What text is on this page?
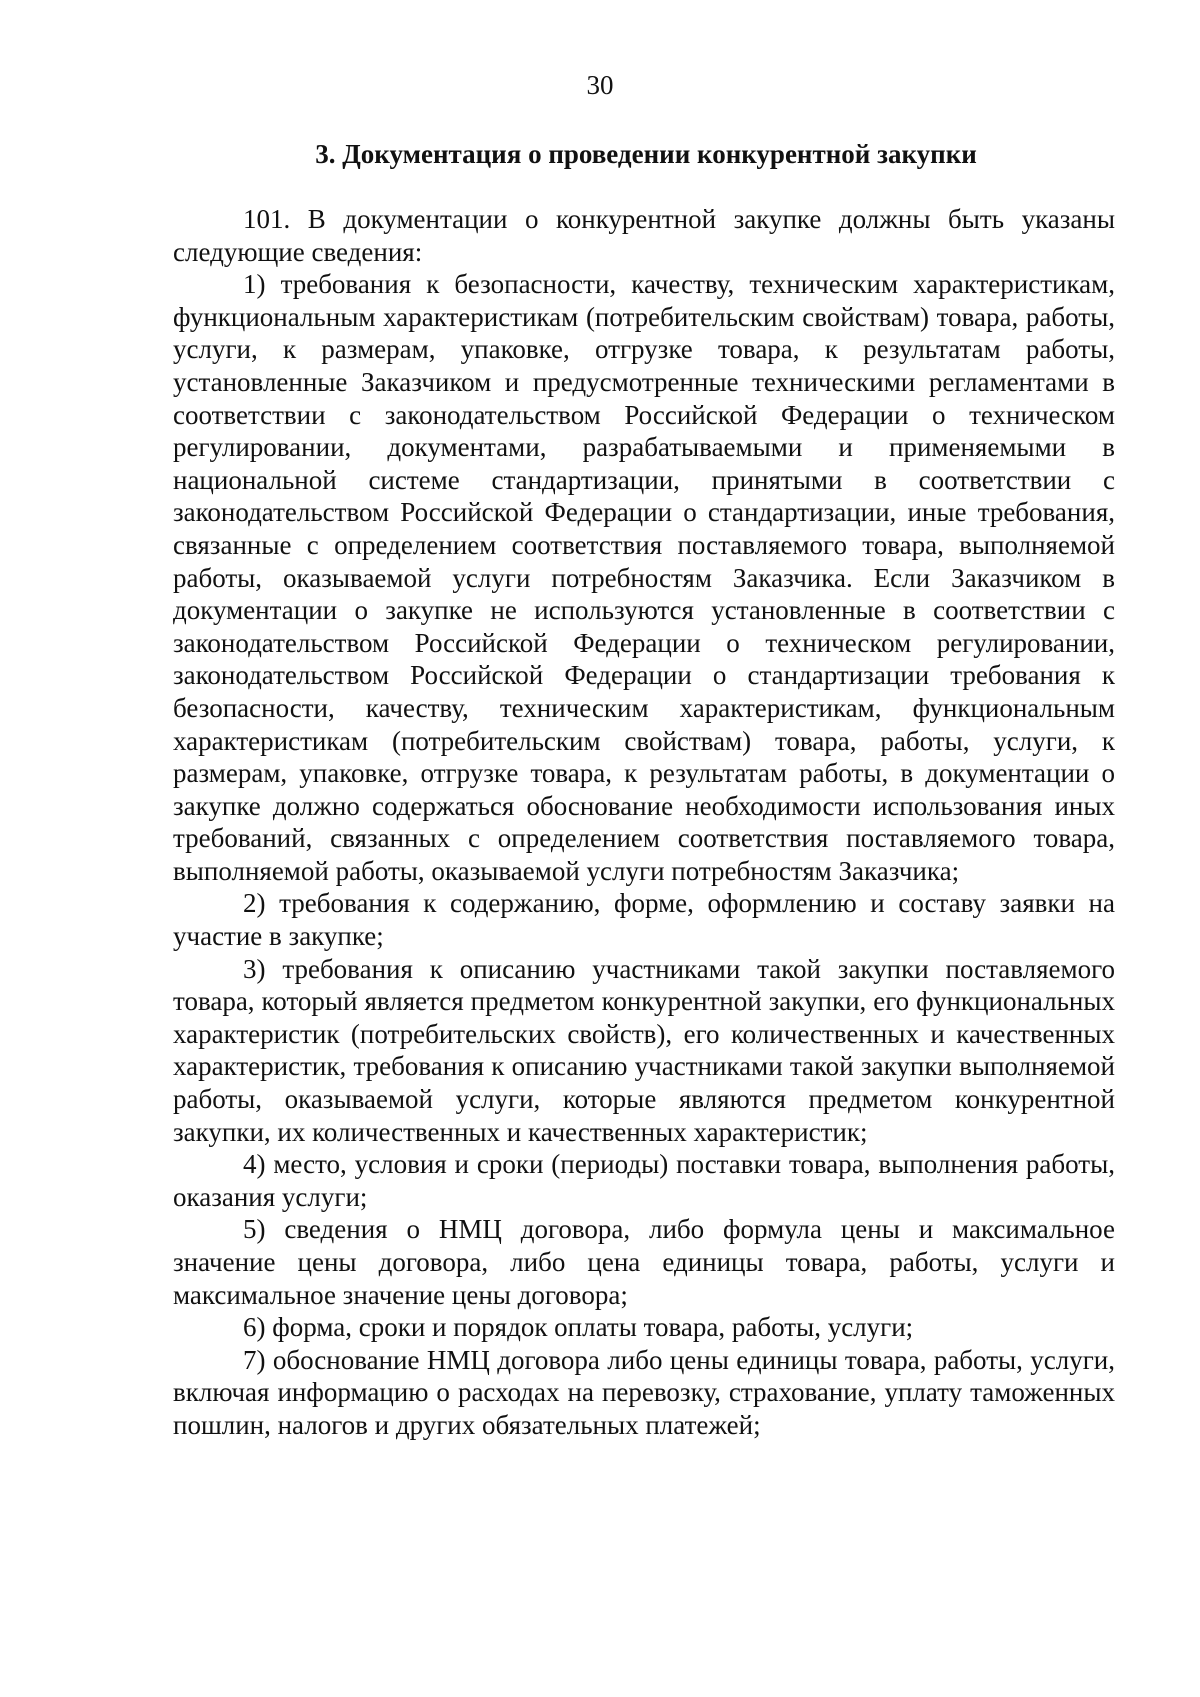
30
3. Документация о проведении конкурентной закупки

101. В документации о конкурентной закупке должны быть указаны следующие сведения:

1) требования к безопасности, качеству, техническим характеристикам, функциональным характеристикам (потребительским свойствам) товара, работы, услуги, к размерам, упаковке, отгрузке товара, к результатам работы, установленные Заказчиком и предусмотренные техническими регламентами в соответствии с законодательством Российской Федерации о техническом регулировании, документами, разрабатываемыми и применяемыми в национальной системе стандартизации, принятыми в соответствии с законодательством Российской Федерации о стандартизации, иные требования, связанные с определением соответствия поставляемого товара, выполняемой работы, оказываемой услуги потребностям Заказчика. Если Заказчиком в документации о закупке не используются установленные в соответствии с законодательством Российской Федерации о техническом регулировании, законодательством Российской Федерации о стандартизации требования к безопасности, качеству, техническим характеристикам, функциональным характеристикам (потребительским свойствам) товара, работы, услуги, к размерам, упаковке, отгрузке товара, к результатам работы, в документации о закупке должно содержаться обоснование необходимости использования иных требований, связанных с определением соответствия поставляемого товара, выполняемой работы, оказываемой услуги потребностям Заказчика;

2) требования к содержанию, форме, оформлению и составу заявки на участие в закупке;

3) требования к описанию участниками такой закупки поставляемого товара, который является предметом конкурентной закупки, его функциональных характеристик (потребительских свойств), его количественных и качественных характеристик, требования к описанию участниками такой закупки выполняемой работы, оказываемой услуги, которые являются предметом конкурентной закупки, их количественных и качественных характеристик;

4) место, условия и сроки (периоды) поставки товара, выполнения работы, оказания услуги;

5) сведения о НМЦ договора, либо формула цены и максимальное значение цены договора, либо цена единицы товара, работы, услуги и максимальное значение цены договора;

6) форма, сроки и порядок оплаты товара, работы, услуги;

7) обоснование НМЦ договора либо цены единицы товара, работы, услуги, включая информацию о расходах на перевозку, страхование, уплату таможенных пошлин, налогов и других обязательных платежей;
